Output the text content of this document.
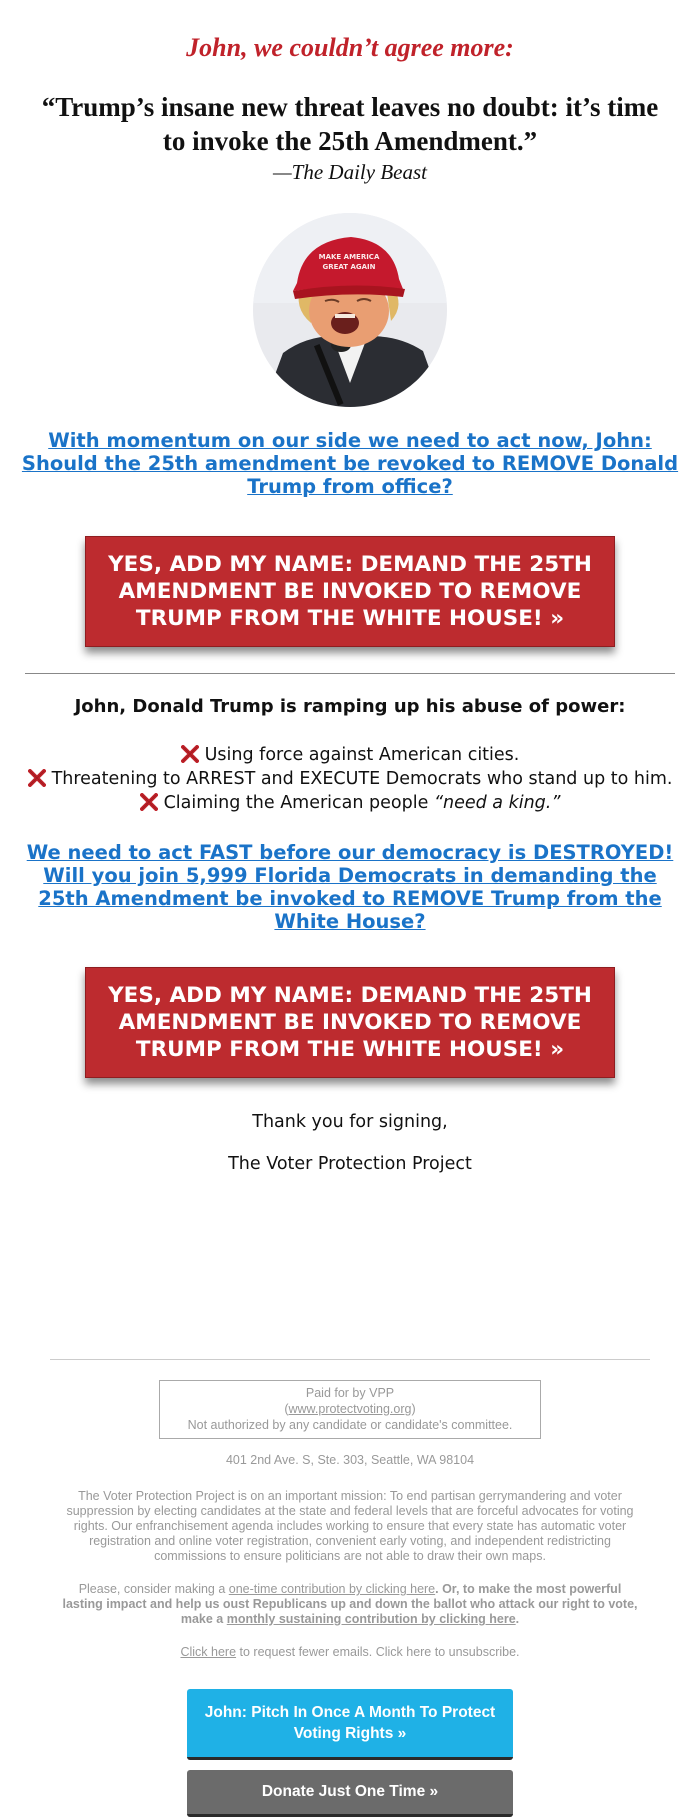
John, we couldn’t agree more:
“Trump’s insane new threat leaves no doubt: it’s time to invoke the 25th Amendment.”
—The Daily Beast
MAKE AMERICA
GREAT AGAIN
With momentum on our side we need to act now, John: Should the 25th amendment be revoked to REMOVE Donald Trump from office?
YES, ADD MY NAME: DEMAND THE 25TH AMENDMENT BE INVOKED TO REMOVE TRUMP FROM THE WHITE HOUSE! »
John, Donald Trump is ramping up his abuse of power:
Using force against American cities.
Threatening to ARREST and EXECUTE Democrats who stand up to him.
Claiming the American people “need a king.”
We need to act FAST before our democracy is DESTROYED! Will you join 5,999 Florida Democrats in demanding the 25th Amendment be invoked to REMOVE Trump from the White House?
YES, ADD MY NAME: DEMAND THE 25TH AMENDMENT BE INVOKED TO REMOVE TRUMP FROM THE WHITE HOUSE! »
Thank you for signing,
The Voter Protection Project
Paid for by VPP
(www.protectvoting.org)
Not authorized by any candidate or candidate's committee.
401 2nd Ave. S, Ste. 303, Seattle, WA 98104
The Voter Protection Project is on an important mission: To end partisan gerrymandering and voter suppression by electing candidates at the state and federal levels that are forceful advocates for voting rights. Our enfranchisement agenda includes working to ensure that every state has automatic voter registration and online voter registration, convenient early voting, and independent redistricting commissions to ensure politicians are not able to draw their own maps.
Please, consider making a one-time contribution by clicking here. Or, to make the most powerful lasting impact and help us oust Republicans up and down the ballot who attack our right to vote, make a monthly sustaining contribution by clicking here.
Click here to request fewer emails. Click here to unsubscribe.
John: Pitch In Once A Month To Protect Voting Rights »
Donate Just One Time »
